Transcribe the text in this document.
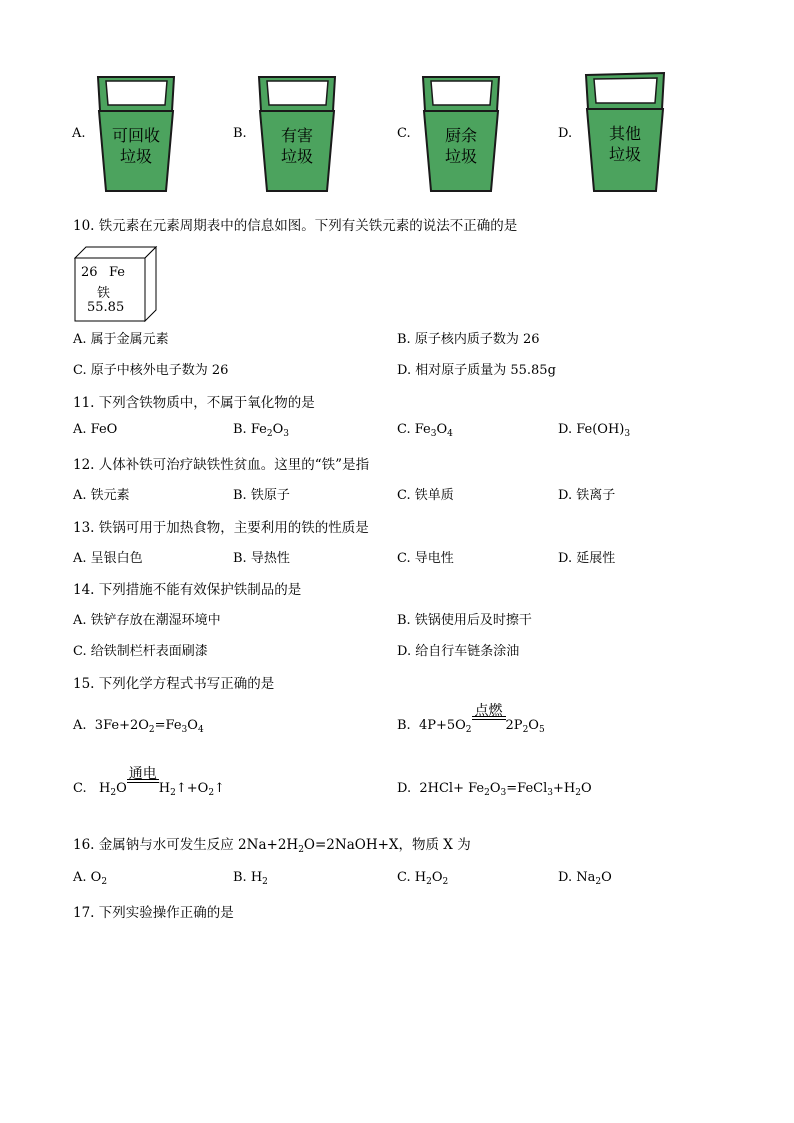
A.	可回收
垃圾
B.	有害
垃圾
C.	厨余
垃圾
D.	其他
垃圾
10. 铁元素在元素周期表中的信息如图。下列有关铁元素的说法不正确的是
26 Fe
铁
55.85
A. 属于金属元素	B. 原子核内质子数为 26
C. 原子中核外电子数为 26	D. 相对原子质量为 55.85g
11. 下列含铁物质中，不属于氧化物的是
A. FeO	B. $Fe_2O_3$	C. $Fe_3O_4$	D. $Fe(OH)_3$
12. 人体补铁可治疗缺铁性贫血。这里的“铁”是指
A. 铁元素	B. 铁原子	C. 铁单质	D. 铁离子
13. 铁锅可用于加热食物，主要利用的铁的性质是
A. 呈银白色	B. 导热性	C. 导电性	D. 延展性
14. 下列措施不能有效保护铁制品的是
A. 铁铲存放在潮湿环境中	B. 铁锅使用后及时擦干
C. 给铁制栏杆表面刷漆	D. 给自行车链条涂油
15. 下列化学方程式书写正确的是
A. $3Fe+2O_2=Fe_3O_4$	B. $4P+5O_2$
点燃
$2P_2O_5$
C. $H_2O$
通电
$H_2↑+O_2↑$	D. $2HCl+ Fe_2O_3=FeCl_3+H_2O$
16. 金属钠与水可发生反应 $2Na+2H_2O=2NaOH+X$，物质 X 为
A. $O_2$	B. $H_2$	C. $H_2O_2$	D. $Na_2O$
17. 下列实验操作正确的是
